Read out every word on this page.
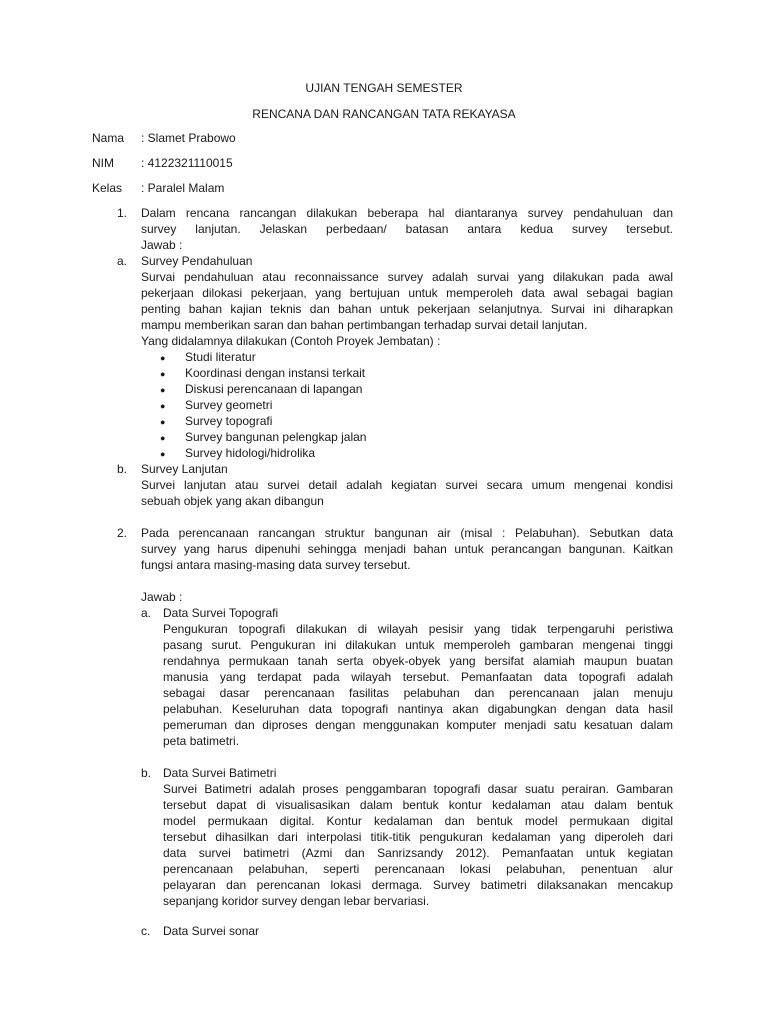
UJIAN TENGAH SEMESTER
RENCANA DAN RANCANGAN TATA REKAYASA
Nama : Slamet Prabowo
NIM : 4122321110015
Kelas : Paralel Malam
1. Dalam rencana rancangan dilakukan beberapa hal diantaranya survey pendahuluan dan
survey lanjutan. Jelaskan perbedaan/ batasan antara kedua survey tersebut.
Jawab :
a. Survey Pendahuluan
Survai pendahuluan atau reconnaissance survey adalah survai yang dilakukan pada awal
pekerjaan dilokasi pekerjaan, yang bertujuan untuk memperoleh data awal sebagai bagian
penting bahan kajian teknis dan bahan untuk pekerjaan selanjutnya. Survai ini diharapkan
mampu memberikan saran dan bahan pertimbangan terhadap survai detail lanjutan.
Yang didalamnya dilakukan (Contoh Proyek Jembatan) :
● Studi literatur
● Koordinasi dengan instansi terkait
● Diskusi perencanaan di lapangan
● Survey geometri
● Survey topografi
● Survey bangunan pelengkap jalan
● Survey hidologi/hidrolika
b. Survey Lanjutan
Survei lanjutan atau survei detail adalah kegiatan survei secara umum mengenai kondisi
sebuah objek yang akan dibangun
2. Pada perencanaan rancangan struktur bangunan air (misal : Pelabuhan). Sebutkan data
survey yang harus dipenuhi sehingga menjadi bahan untuk perancangan bangunan. Kaitkan
fungsi antara masing-masing data survey tersebut.
Jawab :
a. Data Survei Topografi
Pengukuran topografi dilakukan di wilayah pesisir yang tidak terpengaruhi peristiwa
pasang surut. Pengukuran ini dilakukan untuk memperoleh gambaran mengenai tinggi
rendahnya permukaan tanah serta obyek-obyek yang bersifat alamiah maupun buatan
manusia yang terdapat pada wilayah tersebut. Pemanfaatan data topografi adalah
sebagai dasar perencanaan fasilitas pelabuhan dan perencanaan jalan menuju
pelabuhan. Keseluruhan data topografi nantinya akan digabungkan dengan data hasil
pemeruman dan diproses dengan menggunakan komputer menjadi satu kesatuan dalam
peta batimetri.
b. Data Survei Batimetri
Survei Batimetri adalah proses penggambaran topografi dasar suatu perairan. Gambaran
tersebut dapat di visualisasikan dalam bentuk kontur kedalaman atau dalam bentuk
model permukaan digital. Kontur kedalaman dan bentuk model permukaan digital
tersebut dihasilkan dari interpolasi titik-titik pengukuran kedalaman yang diperoleh dari
data survei batimetri (Azmi dan Sanrizsandy 2012). Pemanfaatan untuk kegiatan
perencanaan pelabuhan, seperti perencanaan lokasi pelabuhan, penentuan alur
pelayaran dan perencanan lokasi dermaga. Survey batimetri dilaksanakan mencakup
sepanjang koridor survey dengan lebar bervariasi.
c. Data Survei sonar
